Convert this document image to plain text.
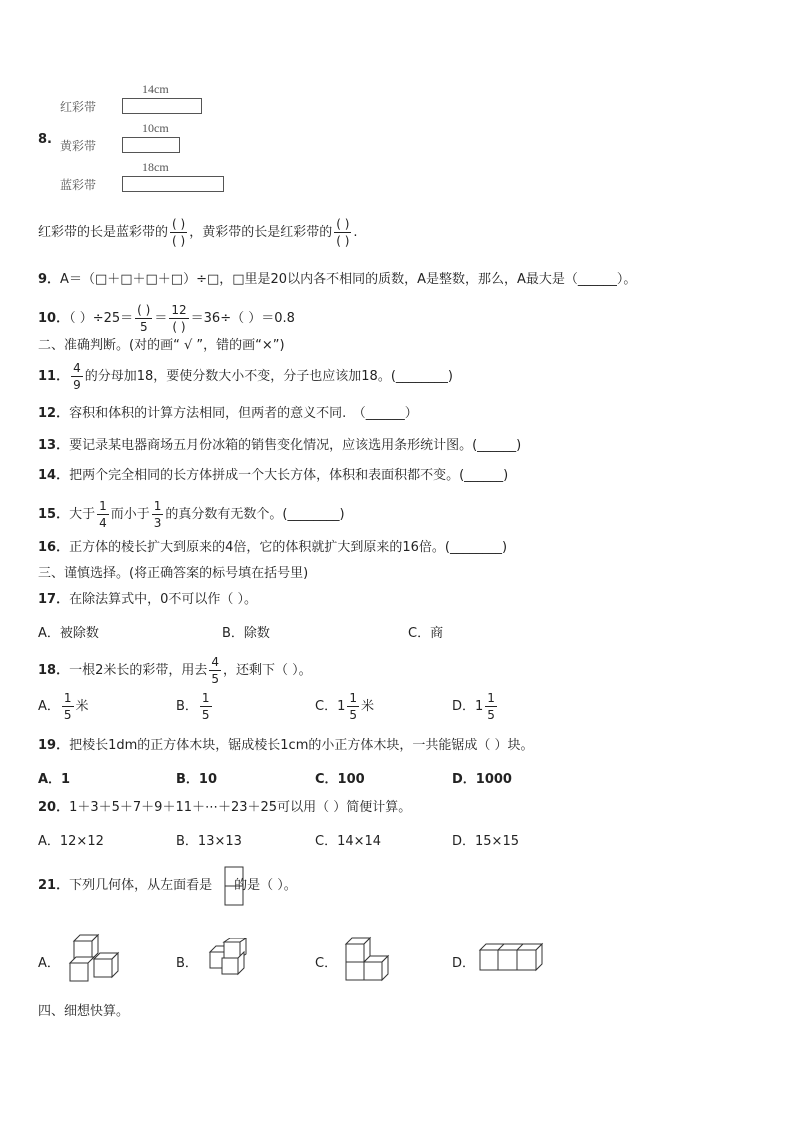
8.
14cm
红彩带
10cm
黄彩带
18cm
蓝彩带
红彩带的长是蓝彩带的 $\frac{( )}{( )}$ ，黄彩带的长是红彩带的 $\frac{( )}{( )}$ .
9．A＝（□＋□＋□＋□）÷□，□里是20以内各不相同的质数，A是整数，那么，A最大是（______）。
10．（ ）$\div 25= \frac{( )}{5} = \frac{12}{( )} =36\div$（ ）＝0.8
二、准确判断。(对的画“ √ ”，错的画“×”)
11． $\frac{4}{9}$ 的分母加18，要使分数大小不变，分子也应该加18。(________)
12．容积和体积的计算方法相同，但两者的意义不同.　（______）
13．要记录某电器商场五月份冰箱的销售变化情况，应该选用条形统计图。(______)
14．把两个完全相同的长方体拼成一个大长方体，体积和表面积都不变。(______)
15．大于 $\frac{1}{4}$ 而小于 $\frac{1}{3}$ 的真分数有无数个。(________)
16．正方体的棱长扩大到原来的4倍，它的体积就扩大到原来的16倍。(________)
三、谨慎选择。(将正确答案的标号填在括号里)
17．在除法算式中，0不可以作（ ）。
A．被除数	B．除数	C．商
18．一根2米长的彩带，用去 $\frac{4}{5}$ ，还剩下（ ）。
A． $\frac{1}{5}$ 米	B． $\frac{1}{5}$	C．$1 \frac{1}{5}$ 米	D．$1 \frac{1}{5}$
19．把棱长1dm的正方体木块，锯成棱长1cm的小正方体木块，一共能锯成（ ）块。
A．1	B．10	C．100	D．1000
20．1＋3＋5＋7＋9＋11＋⋯＋23＋25可以用（ ）简便计算。
A．12×12	B．13×13	C．14×14	D．15×15
21．下列几何体，从左面看是 的是（ ）。
A．	B．	C．	D．
四、细想快算。
